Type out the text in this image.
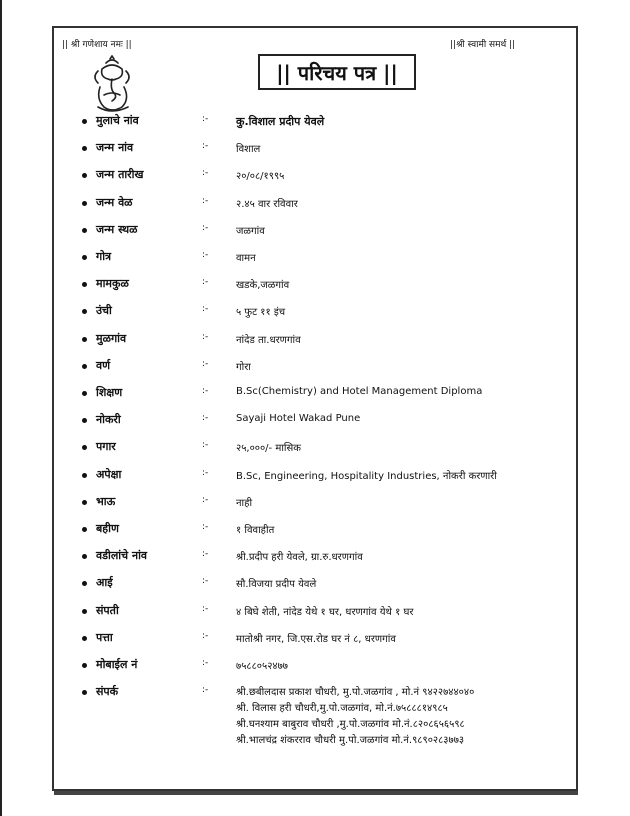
|| श्री गणेशाय नमः ||	||श्री स्वामी समर्थ ||
|| परिचय पत्र ||
मुलाचे नांव	:-	कु.विशाल प्रदीप येवले
जन्म नांव	:-	विशाल
जन्म तारीख	:-	२०/०८/१९९५
जन्म वेळ	:-	२.४५ वार रविवार
जन्म स्थळ	:-	जळगांव
गोत्र	:-	वामन
मामकुळ	:-	खडके,जळगांव
उंची	:-	५ फुट ११ इंच
मुळगांव	:-	नांदेड ता.धरणगांव
वर्ण	:-	गोरा
शिक्षण	:-	B.Sc(Chemistry) and Hotel Management Diploma
नोकरी	:-	Sayaji Hotel Wakad Pune
पगार	:-	२५,०००/- मासिक
अपेक्षा	:-	B.Sc, Engineering, Hospitality Industries, नोकरी करणारी
भाऊ	:-	नाही
बहीण	:-	१ विवाहीत
वडीलांचे नांव	:-	श्री.प्रदीप हरी येवले, ग्रा.रु.धरणगांव
आई	:-	सौ.विजया प्रदीप येवले
संपती	:-	४ बिघे शेती, नांदेड येथे १ घर, धरणगांव येथे १ घर
पत्ता	:-	मातोश्री नगर, जि.एस.रोड घर नं ८, धरणगांव
मोबाईल नं	:-	७५८८०५२४७७
संपर्क	:-	श्री.छबीलदास प्रकाश चौधरी, मु.पो.जळगांव , मो.नं ९४२२७४४०४०
श्री. विलास हरी चौधरी,मु.पो.जळगांव, मो.नं.७५८८८१४९८५
श्री.घनश्याम बाबुराव चौधरी ,मु.पो.जळगांव मो.नं.८२०८६५६५९८
श्री.भालचंद्र शंकरराव चौधरी मु.पो.जळगांव मो.नं.९८९०२८३७७३
